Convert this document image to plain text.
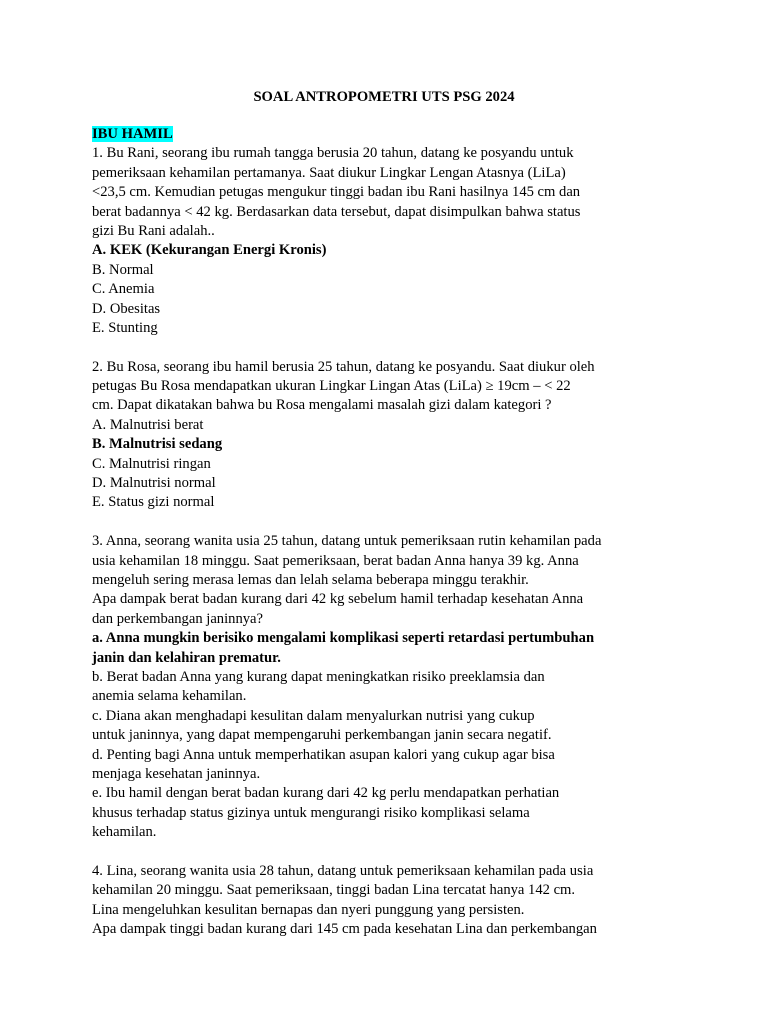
SOAL ANTROPOMETRI UTS PSG 2024
IBU HAMIL
1. Bu Rani, seorang ibu rumah tangga berusia 20 tahun, datang ke posyandu untuk
pemeriksaan kehamilan pertamanya. Saat diukur Lingkar Lengan Atasnya (LiLa)
<23,5 cm. Kemudian petugas mengukur tinggi badan ibu Rani hasilnya 145 cm dan
berat badannya < 42 kg. Berdasarkan data tersebut, dapat disimpulkan bahwa status
gizi Bu Rani adalah..
A. KEK (Kekurangan Energi Kronis)
B. Normal
C. Anemia
D. Obesitas
E. Stunting
2. Bu Rosa, seorang ibu hamil berusia 25 tahun, datang ke posyandu. Saat diukur oleh
petugas Bu Rosa mendapatkan ukuran Lingkar Lingan Atas (LiLa) ≥ 19cm – < 22
cm. Dapat dikatakan bahwa bu Rosa mengalami masalah gizi dalam kategori ?
A. Malnutrisi berat
B. Malnutrisi sedang
C. Malnutrisi ringan
D. Malnutrisi normal
E. Status gizi normal
3. Anna, seorang wanita usia 25 tahun, datang untuk pemeriksaan rutin kehamilan pada
usia kehamilan 18 minggu. Saat pemeriksaan, berat badan Anna hanya 39 kg. Anna
mengeluh sering merasa lemas dan lelah selama beberapa minggu terakhir.
Apa dampak berat badan kurang dari 42 kg sebelum hamil terhadap kesehatan Anna
dan perkembangan janinnya?
a. Anna mungkin berisiko mengalami komplikasi seperti retardasi pertumbuhan
janin dan kelahiran prematur.
b. Berat badan Anna yang kurang dapat meningkatkan risiko preeklamsia dan
anemia selama kehamilan.
c. Diana akan menghadapi kesulitan dalam menyalurkan nutrisi yang cukup
untuk janinnya, yang dapat mempengaruhi perkembangan janin secara negatif.
d. Penting bagi Anna untuk memperhatikan asupan kalori yang cukup agar bisa
menjaga kesehatan janinnya.
e. Ibu hamil dengan berat badan kurang dari 42 kg perlu mendapatkan perhatian
khusus terhadap status gizinya untuk mengurangi risiko komplikasi selama
kehamilan.
4. Lina, seorang wanita usia 28 tahun, datang untuk pemeriksaan kehamilan pada usia
kehamilan 20 minggu. Saat pemeriksaan, tinggi badan Lina tercatat hanya 142 cm.
Lina mengeluhkan kesulitan bernapas dan nyeri punggung yang persisten.
Apa dampak tinggi badan kurang dari 145 cm pada kesehatan Lina dan perkembangan
